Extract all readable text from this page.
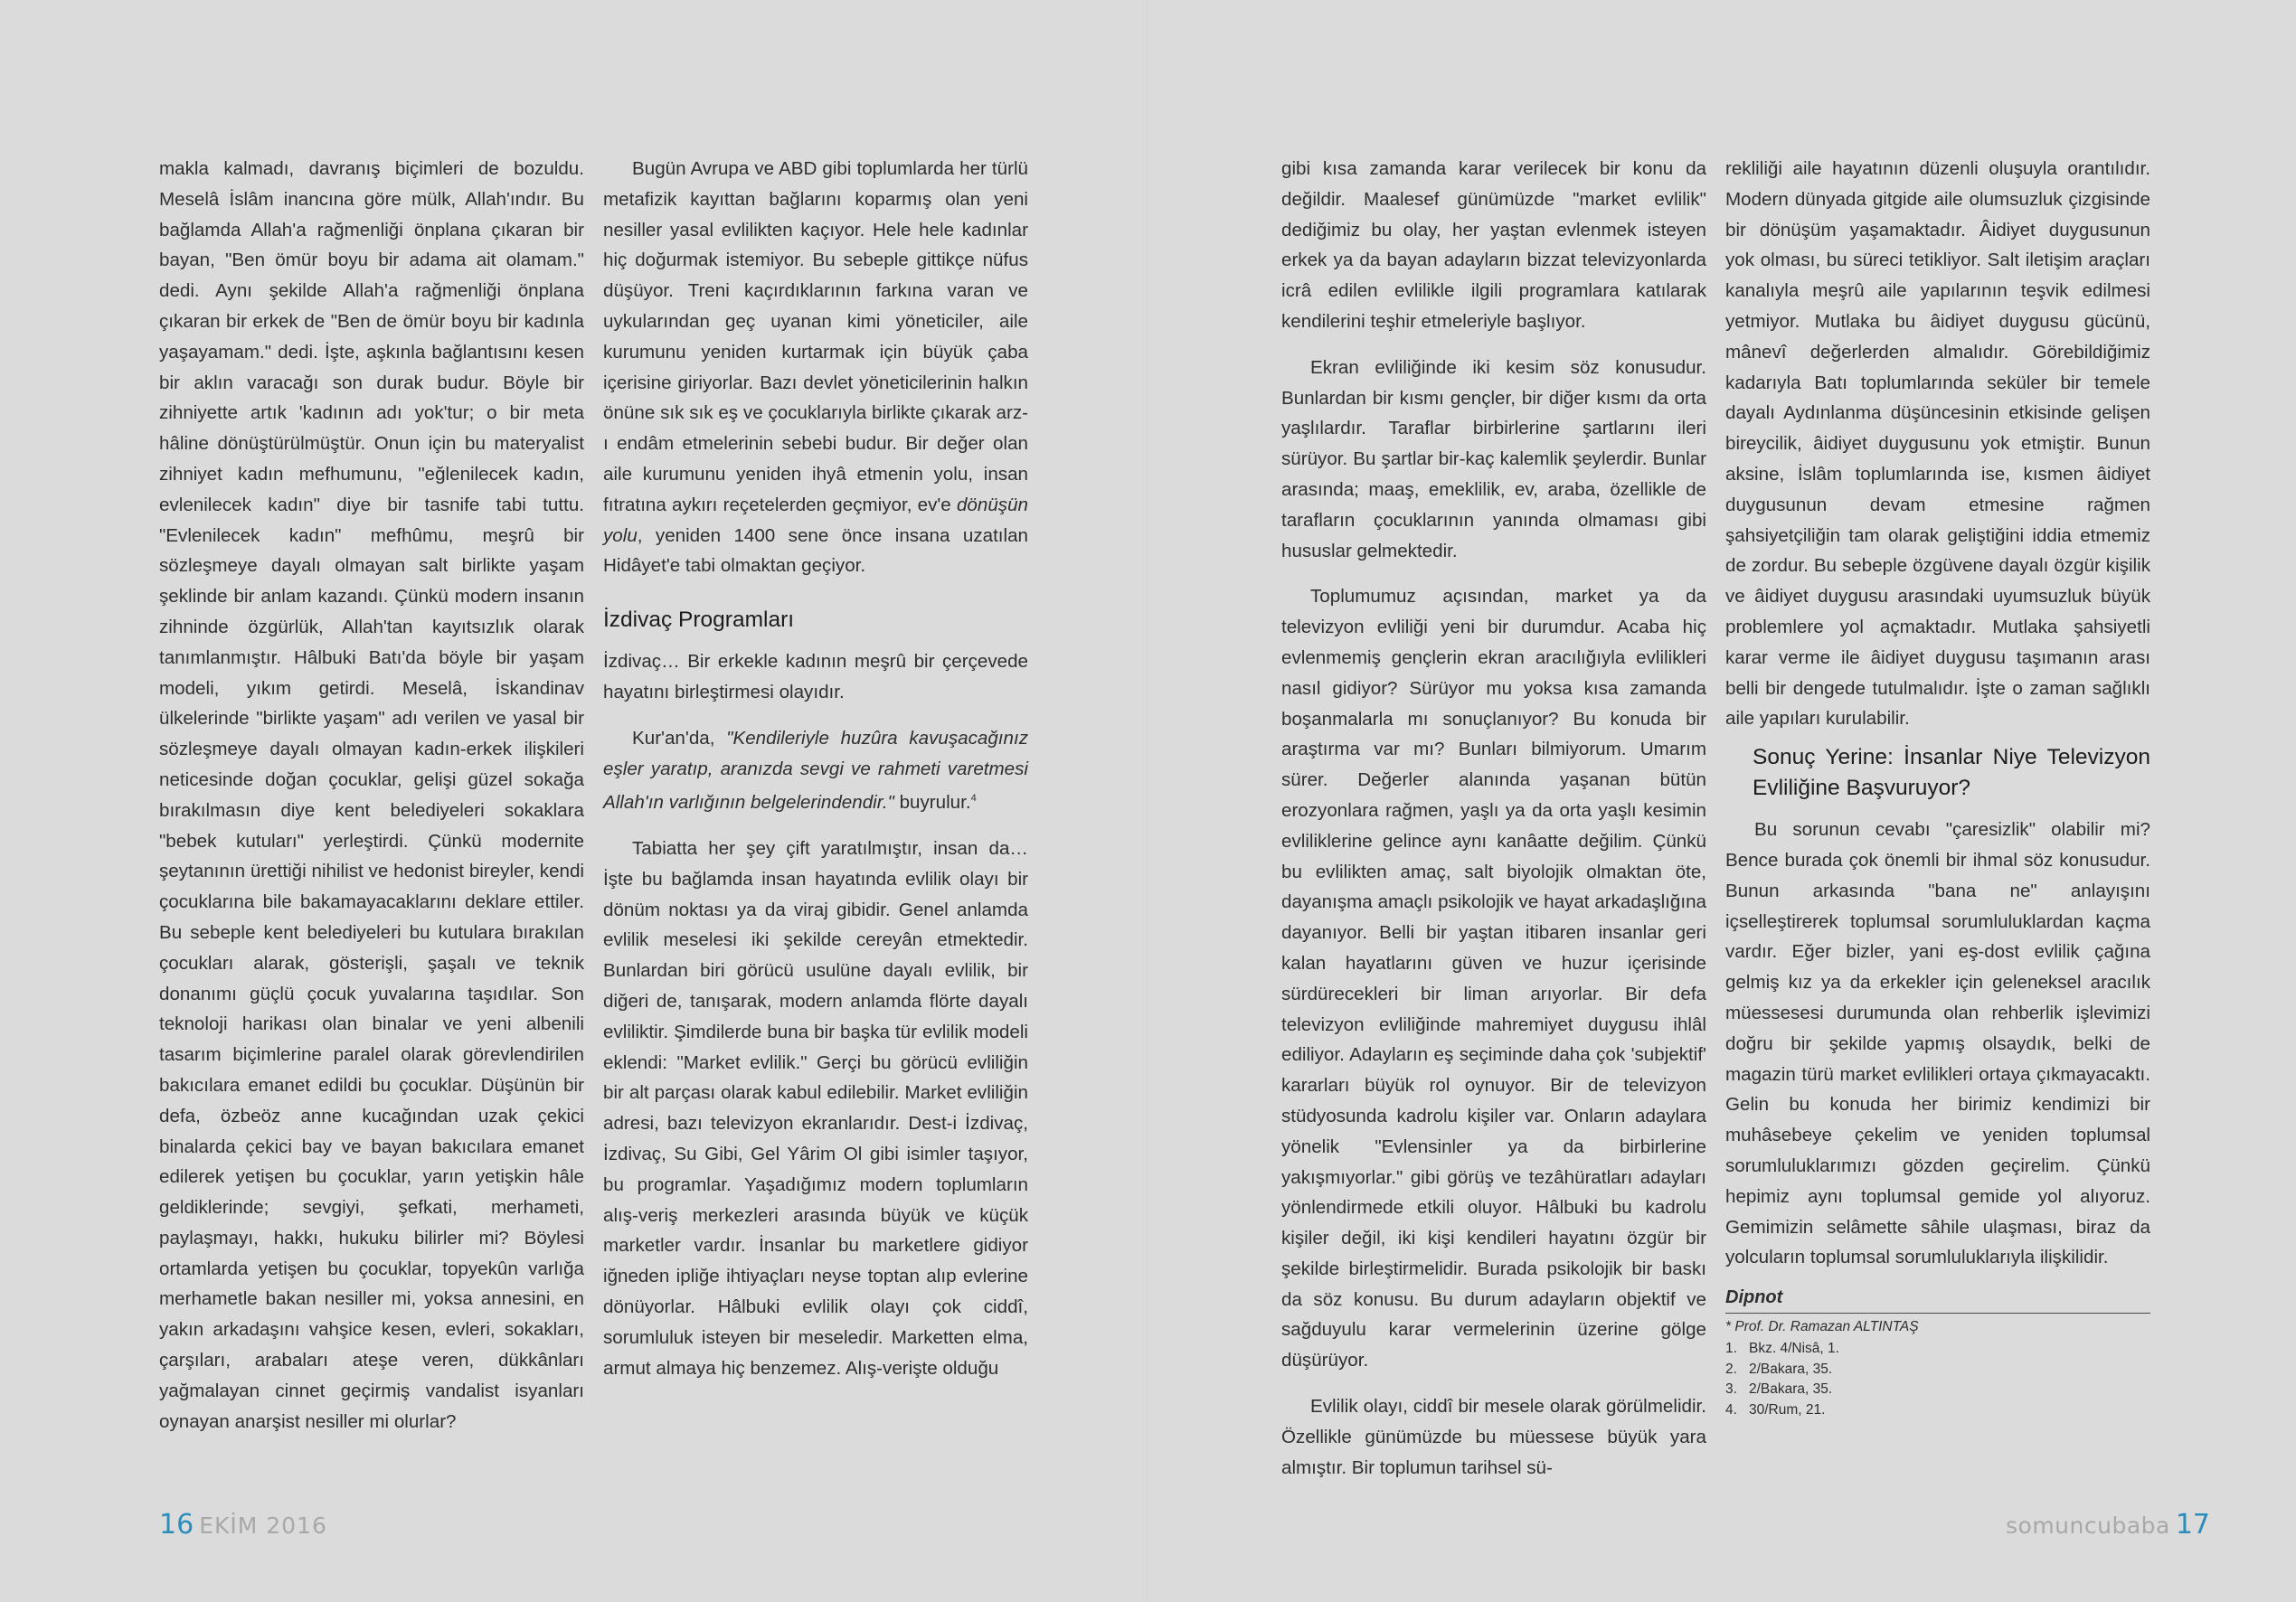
makla kalmadı, davranış biçimleri de bozuldu. Meselâ İslâm inancına göre mülk, Allah'ındır. Bu bağlamda Allah'a rağmenliği önplana çıkaran bir bayan, "Ben ömür boyu bir adama ait olamam." dedi. Aynı şekilde Allah'a rağmenliği önplana çıkaran bir erkek de "Ben de ömür boyu bir kadınla yaşayamam." dedi. İşte, aşkınla bağlantısını kesen bir aklın varacağı son durak budur. Böyle bir zihniyette artık 'kadının adı yok'tur; o bir meta hâline dönüştürülmüştür. Onun için bu materyalist zihniyet kadın mefhumunu, "eğlenilecek kadın, evlenilecek kadın" diye bir tasnife tabi tuttu. "Evlenilecek kadın" mefhûmu, meşrû bir sözleşmeye dayalı olmayan salt birlikte yaşam şeklinde bir anlam kazandı. Çünkü modern insanın zihninde özgürlük, Allah'tan kayıtsızlık olarak tanımlanmıştır. Hâlbuki Batı'da böyle bir yaşam modeli, yıkım getirdi. Meselâ, İskandinav ülkelerinde "birlikte yaşam" adı verilen ve yasal bir sözleşmeye dayalı olmayan kadın-erkek ilişkileri neticesinde doğan çocuklar, gelişi güzel sokağa bırakılmasın diye kent belediyeleri sokaklara "bebek kutuları" yerleştirdi. Çünkü modernite şeytanının ürettiği nihilist ve hedonist bireyler, kendi çocuklarına bile bakamayacaklarını deklare ettiler. Bu sebeple kent belediyeleri bu kutulara bırakılan çocukları alarak, gösterişli, şaşalı ve teknik donanımı güçlü çocuk yuvalarına taşıdılar. Son teknoloji harikası olan binalar ve yeni albenili tasarım biçimlerine paralel olarak görevlendirilen bakıcılara emanet edildi bu çocuklar. Düşünün bir defa, özbeöz anne kucağından uzak çekici binalarda çekici bay ve bayan bakıcılara emanet edilerek yetişen bu çocuklar, yarın yetişkin hâle geldiklerinde; sevgiyi, şefkati, merhameti, paylaşmayı, hakkı, hukuku bilirler mi? Böylesi ortamlarda yetişen bu çocuklar, topyekûn varlığa merhametle bakan nesiller mi, yoksa annesini, en yakın arkadaşını vahşice kesen, evleri, sokakları, çarşıları, arabaları ateşe veren, dükkânları yağmalayan cinnet geçirmiş vandalist isyanları oynayan anarşist nesiller mi olurlar?

Bugün Avrupa ve ABD gibi toplumlarda her türlü metafizik kayıttan bağlarını koparmış olan yeni nesiller yasal evlilikten kaçıyor. Hele hele kadınlar hiç doğurmak istemiyor. Bu sebeple gittikçe nüfus düşüyor. Treni kaçırdıklarının farkına varan ve uykularından geç uyanan kimi yöneticiler, aile kurumunu yeniden kurtarmak için büyük çaba içerisine giriyorlar. Bazı devlet yöneticilerinin halkın önüne sık sık eş ve çocuklarıyla birlikte çıkarak arz-ı endâm etmelerinin sebebi budur. Bir değer olan aile kurumunu yeniden ihyâ etmenin yolu, insan fıtratına aykırı reçetelerden geçmiyor, ev'e dönüşün yolu, yeniden 1400 sene önce insana uzatılan Hidâyet'e tabi olmaktan geçiyor.

İzdivaç Programları

İzdivaç… Bir erkekle kadının meşrû bir çerçevede hayatını birleştirmesi olayıdır.

Kur'an'da, "Kendileriyle huzûra kavuşacağınız eşler yaratıp, aranızda sevgi ve rahmeti varetmesi Allah'ın varlığının belgelerindendir." buyrulur.$^4$

Tabiatta her şey çift yaratılmıştır, insan da… İşte bu bağlamda insan hayatında evlilik olayı bir dönüm noktası ya da viraj gibidir. Genel anlamda evlilik meselesi iki şekilde cereyân etmektedir. Bunlardan biri görücü usulüne dayalı evlilik, bir diğeri de, tanışarak, modern anlamda flörte dayalı evliliktir. Şimdilerde buna bir başka tür evlilik modeli eklendi: "Market evlilik." Gerçi bu görücü evliliğin bir alt parçası olarak kabul edilebilir. Market evliliğin adresi, bazı televizyon ekranlarıdır. Dest-i İzdivaç, İzdivaç, Su Gibi, Gel Yârim Ol gibi isimler taşıyor, bu programlar. Yaşadığımız modern toplumların alış-veriş merkezleri arasında büyük ve küçük marketler vardır. İnsanlar bu marketlere gidiyor iğneden ipliğe ihtiyaçları neyse toptan alıp evlerine dönüyorlar. Hâlbuki evlilik olayı çok ciddî, sorumluluk isteyen bir meseledir. Marketten elma, armut almaya hiç benzemez. Alış-verişte olduğu

gibi kısa zamanda karar verilecek bir konu da değildir. Maalesef günümüzde "market evlilik" dediğimiz bu olay, her yaştan evlenmek isteyen erkek ya da bayan adayların bizzat televizyonlarda icrâ edilen evlilikle ilgili programlara katılarak kendilerini teşhir etmeleriyle başlıyor.

Ekran evliliğinde iki kesim söz konusudur. Bunlardan bir kısmı gençler, bir diğer kısmı da orta yaşlılardır. Taraflar birbirlerine şartlarını ileri sürüyor. Bu şartlar bir-kaç kalemlik şeylerdir. Bunlar arasında; maaş, emeklilik, ev, araba, özellikle de tarafların çocuklarının yanında olmaması gibi hususlar gelmektedir.

Toplumumuz açısından, market ya da televizyon evliliği yeni bir durumdur. Acaba hiç evlenmemiş gençlerin ekran aracılığıyla evlilikleri nasıl gidiyor? Sürüyor mu yoksa kısa zamanda boşanmalarla mı sonuçlanıyor? Bu konuda bir araştırma var mı? Bunları bilmiyorum. Umarım sürer. Değerler alanında yaşanan bütün erozyonlara rağmen, yaşlı ya da orta yaşlı kesimin evliliklerine gelince aynı kanâatte değilim. Çünkü bu evlilikten amaç, salt biyolojik olmaktan öte, dayanışma amaçlı psikolojik ve hayat arkadaşlığına dayanıyor. Belli bir yaştan itibaren insanlar geri kalan hayatlarını güven ve huzur içerisinde sürdürecekleri bir liman arıyorlar. Bir defa televizyon evliliğinde mahremiyet duygusu ihlâl ediliyor. Adayların eş seçiminde daha çok 'subjektif' kararları büyük rol oynuyor. Bir de televizyon stüdyosunda kadrolu kişiler var. Onların adaylara yönelik "Evlensinler ya da birbirlerine yakışmıyorlar." gibi görüş ve tezâhüratları adayları yönlendirmede etkili oluyor. Hâlbuki bu kadrolu kişiler değil, iki kişi kendileri hayatını özgür bir şekilde birleştirmelidir. Burada psikolojik bir baskı da söz konusu. Bu durum adayların objektif ve sağduyulu karar vermelerinin üzerine gölge düşürüyor.

Evlilik olayı, ciddî bir mesele olarak görülmelidir. Özellikle günümüzde bu müessese büyük yara almıştır. Bir toplumun tarihsel sü-

rekliliği aile hayatının düzenli oluşuyla orantılıdır. Modern dünyada gitgide aile olumsuzluk çizgisinde bir dönüşüm yaşamaktadır. Âidiyet duygusunun yok olması, bu süreci tetikliyor. Salt iletişim araçları kanalıyla meşrû aile yapılarının teşvik edilmesi yetmiyor. Mutlaka bu âidiyet duygusu gücünü, mânevî değerlerden almalıdır. Görebildiğimiz kadarıyla Batı toplumlarında seküler bir temele dayalı Aydınlanma düşüncesinin etkisinde gelişen bireycilik, âidiyet duygusunu yok etmiştir. Bunun aksine, İslâm toplumlarında ise, kısmen âidiyet duygusunun devam etmesine rağmen şahsiyetçiliğin tam olarak geliştiğini iddia etmemiz de zordur. Bu sebeple özgüvene dayalı özgür kişilik ve âidiyet duygusu arasındaki uyumsuzluk büyük problemlere yol açmaktadır. Mutlaka şahsiyetli karar verme ile âidiyet duygusu taşımanın arası belli bir dengede tutulmalıdır. İşte o zaman sağlıklı aile yapıları kurulabilir.

Sonuç Yerine: İnsanlar Niye Televizyon Evliliğine Başvuruyor?

Bu sorunun cevabı "çaresizlik" olabilir mi? Bence burada çok önemli bir ihmal söz konusudur. Bunun arkasında "bana ne" anlayışını içselleştirerek toplumsal sorumluluklardan kaçma vardır. Eğer bizler, yani eş-dost evlilik çağına gelmiş kız ya da erkekler için geleneksel aracılık müessesesi durumunda olan rehberlik işlevimizi doğru bir şekilde yapmış olsaydık, belki de magazin türü market evlilikleri ortaya çıkmayacaktı. Gelin bu konuda her birimiz kendimizi bir muhâsebeye çekelim ve yeniden toplumsal sorumluluklarımızı gözden geçirelim. Çünkü hepimiz aynı toplumsal gemide yol alıyoruz. Gemimizin selâmette sâhile ulaşması, biraz da yolcuların toplumsal sorumluluklarıyla ilişkilidir.

Dipnot
* Prof. Dr. Ramazan ALTINTAŞ
1. Bkz. 4/Nisâ, 1.
2. 2/Bakara, 35.
3. 2/Bakara, 35.
4. 30/Rum, 21.
16 EKİM 2016	somuncubaba 17
